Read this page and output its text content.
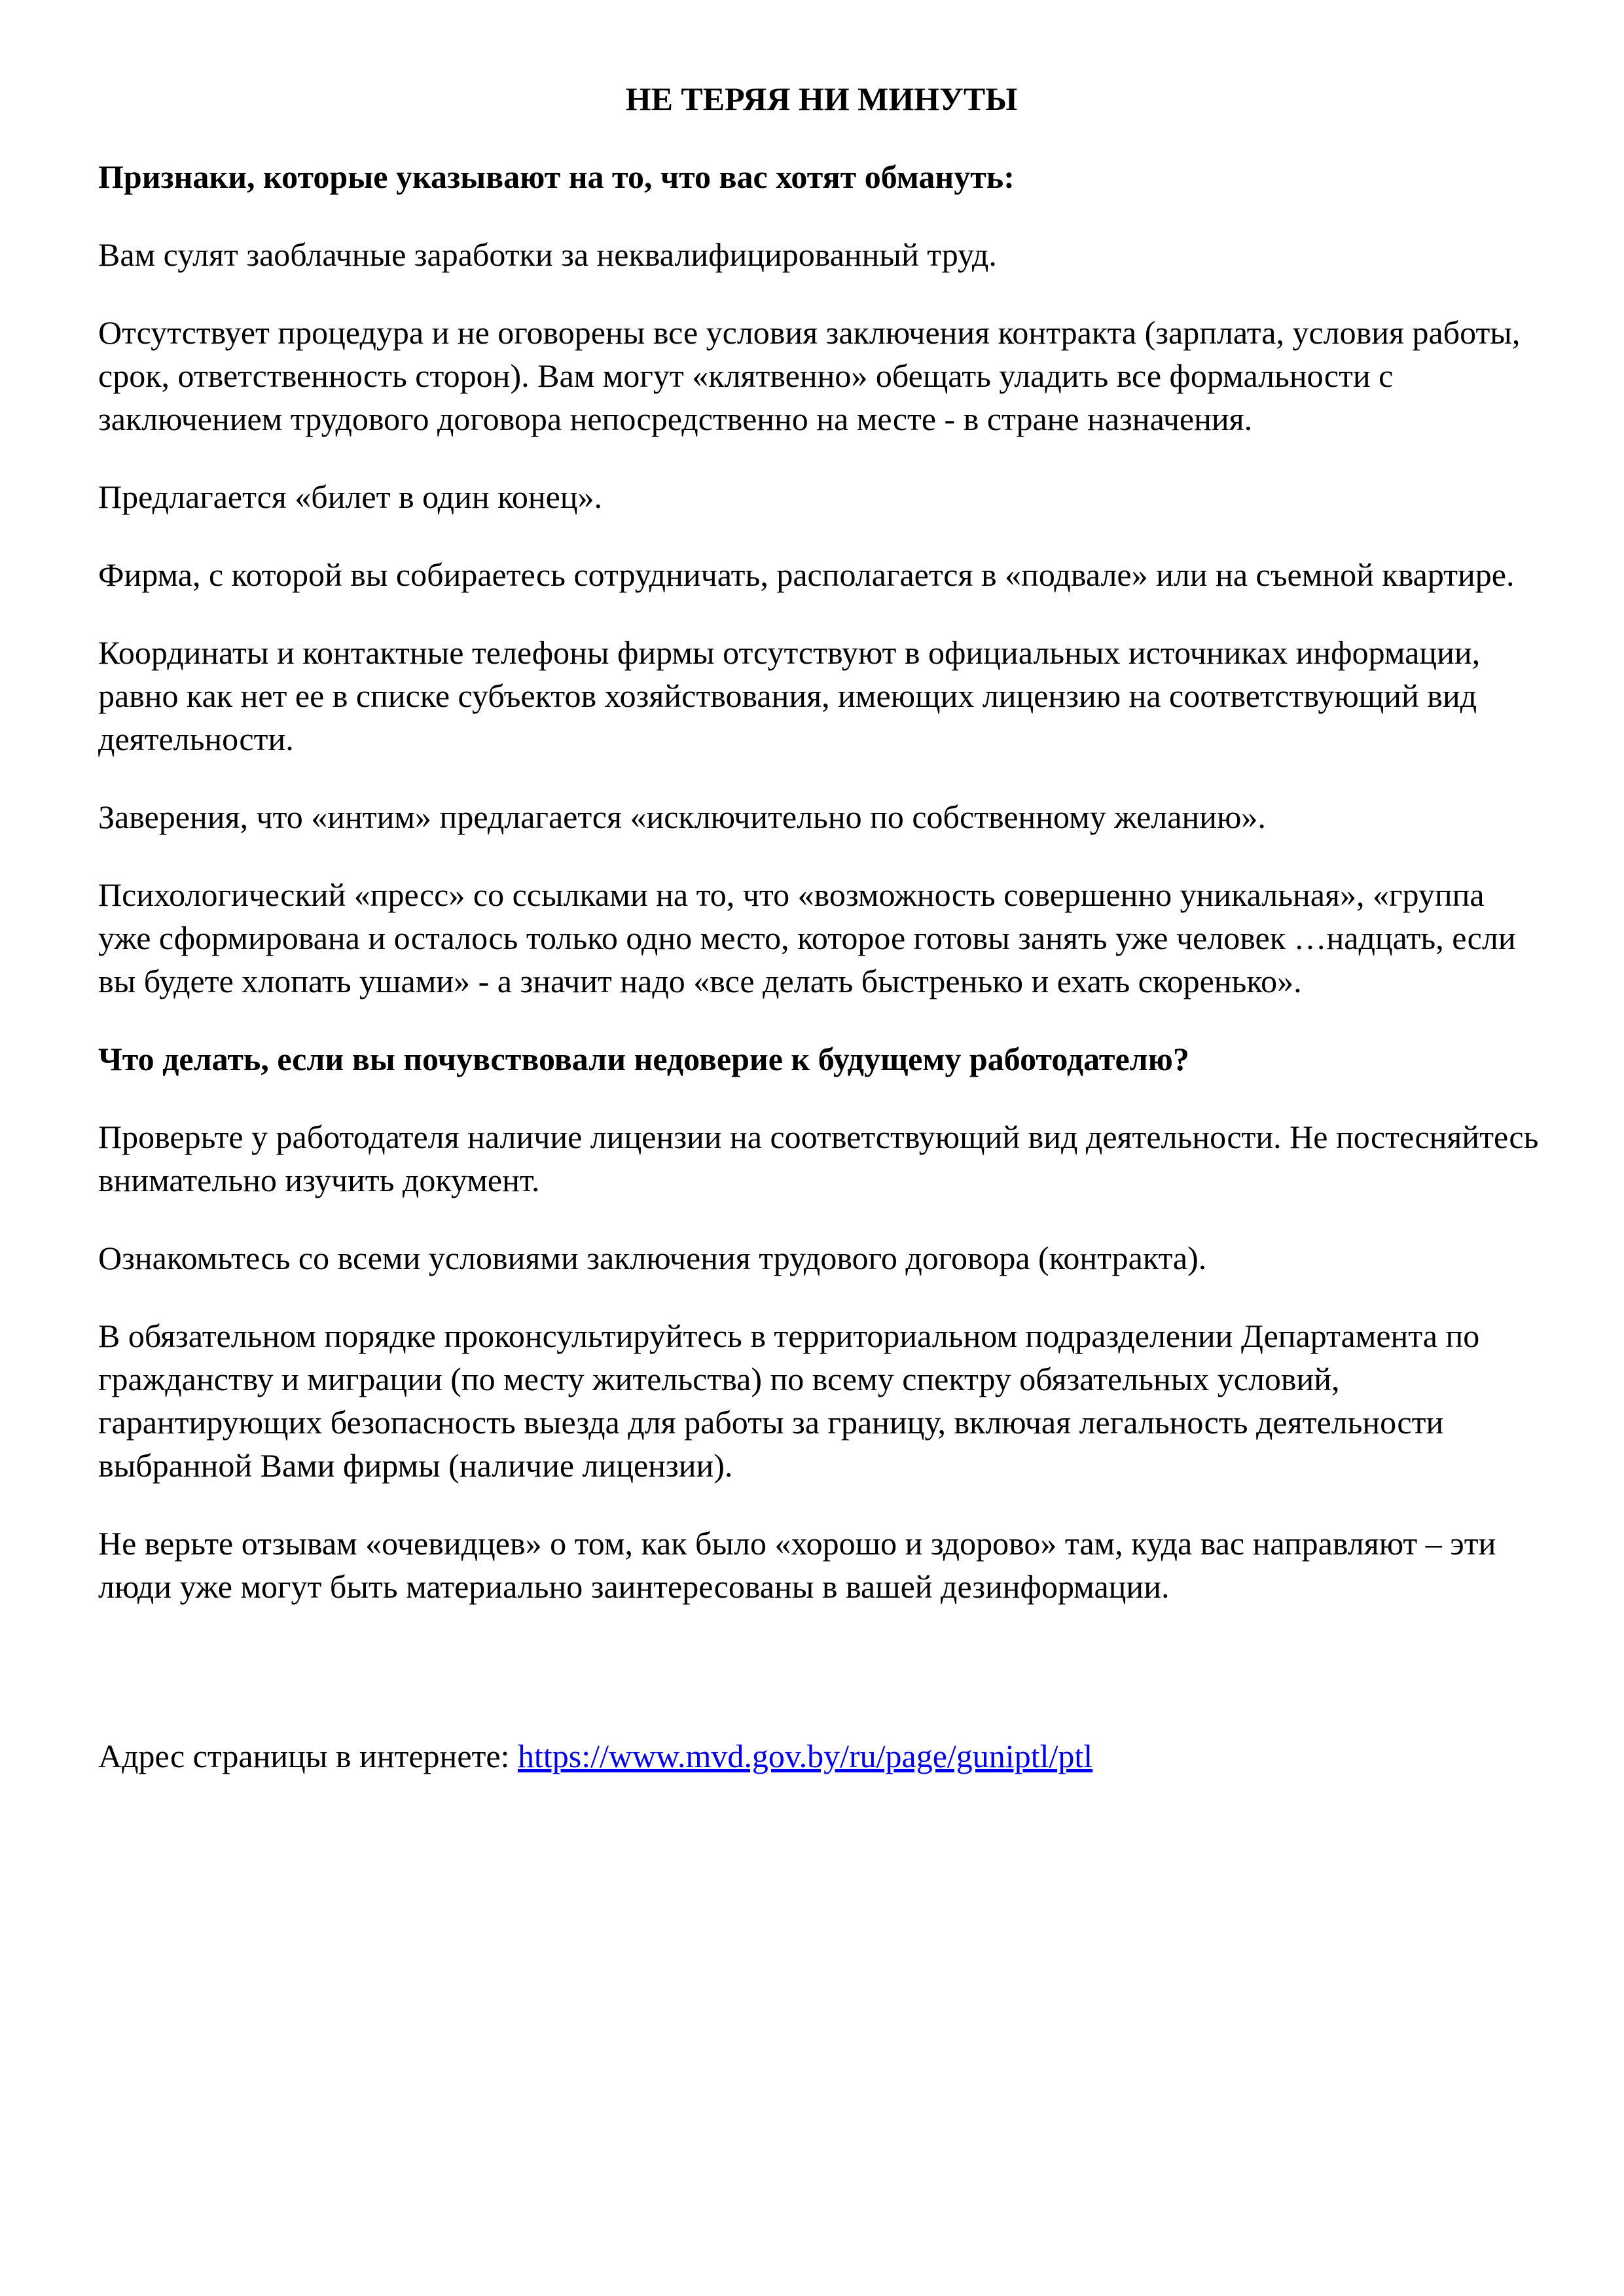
НЕ ТЕРЯЯ НИ МИНУТЫ
Признаки, которые указывают на то, что вас хотят обмануть:
Вам сулят заоблачные заработки за неквалифицированный труд.
Отсутствует процедура и не оговорены все условия заключения контракта (зарплата, условия работы, срок, ответственность сторон). Вам могут «клятвенно» обещать уладить все формальности с заключением трудового договора непосредственно на месте - в стране назначения.
Предлагается «билет в один конец».
Фирма, с которой вы собираетесь сотрудничать, располагается в «подвале» или на съемной квартире.
Координаты и контактные телефоны фирмы отсутствуют в официальных источниках информации, равно как нет ее в списке субъектов хозяйствования, имеющих лицензию на соответствующий вид деятельности.
Заверения, что «интим» предлагается «исключительно по собственному желанию».
Психологический «пресс» со ссылками на то, что «возможность совершенно уникальная», «группа уже сформирована и осталось только одно место, которое готовы занять уже человек …надцать, если вы будете хлопать ушами» - а значит надо «все делать быстренько и ехать скоренько».
Что делать, если вы почувствовали недоверие к будущему работодателю?
Проверьте у работодателя наличие лицензии на соответствующий вид деятельности. Не постесняйтесь внимательно изучить документ.
Ознакомьтесь со всеми условиями заключения трудового договора (контракта).
В обязательном порядке проконсультируйтесь в территориальном подразделении Департамента по гражданству и миграции (по месту жительства) по всему спектру обязательных условий, гарантирующих безопасность выезда для работы за границу, включая легальность деятельности выбранной Вами фирмы (наличие лицензии).
Не верьте отзывам «очевидцев» о том, как было «хорошо и здорово» там, куда вас направляют – эти люди уже могут быть материально заинтересованы в вашей дезинформации.
Адрес страницы в интернете: https://www.mvd.gov.by/ru/page/guniptl/ptl
